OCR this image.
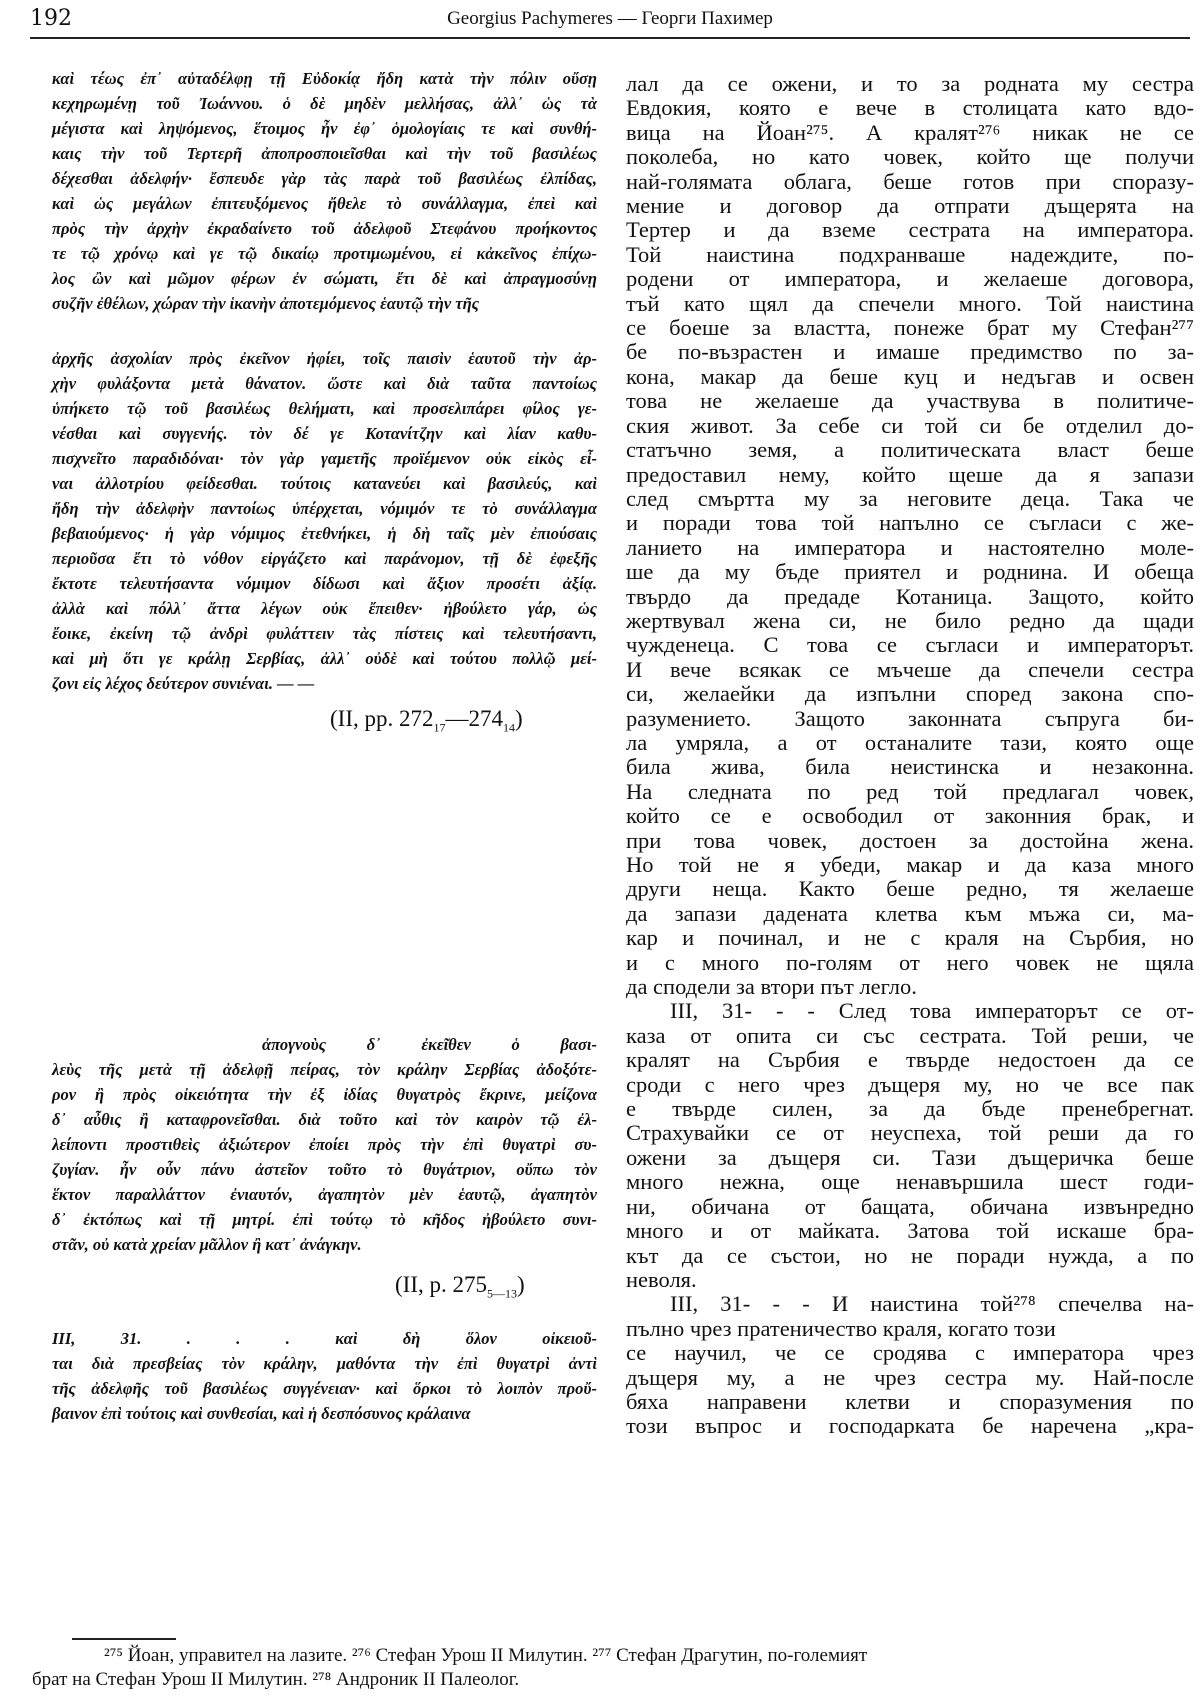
192	Georgius Pachymeres — Георги Пахимер
καὶ τέως ἐπ᾽ αὐταδέλφῃ τῇ Εὐδοκίᾳ ἤδη κατὰ τὴν πόλιν οὔσῃ
κεχηρωμένῃ τοῦ Ἰωάννου. ὁ δὲ μηδὲν μελλήσας, ἀλλ᾽ ὡς τὰ
μέγιστα καὶ ληψόμενος, ἕτοιμος ἦν ἐφ᾽ ὁμολογίαις τε καὶ συνθή-
καις τὴν τοῦ Τερτερῆ ἀποπροσποιεῖσθαι καὶ τὴν τοῦ βασιλέως
δέχεσθαι ἀδελφήν· ἔσπευδε γὰρ τὰς παρὰ τοῦ βασιλέως ἐλπίδας,
καὶ ὡς μεγάλων ἐπιτευξόμενος ἤθελε τὸ συνάλλαγμα, ἐπεὶ καὶ
πρὸς τὴν ἀρχὴν ἐκραδαίνετο τοῦ ἀδελφοῦ Στεφάνου προήκοντος
τε τῷ χρόνῳ καὶ γε τῷ δικαίῳ προτιμωμένου, εἰ κἀκεῖνος ἐπίχω-
λος ὢν καὶ μῶμον φέρων ἐν σώματι, ἔτι δὲ καὶ ἀπραγμοσύνῃ
συζῆν ἐθέλων, χώραν τὴν ἱκανὴν ἀποτεμόμενος ἑαυτῷ τὴν τῆς
ἀρχῆς ἀσχολίαν πρὸς ἐκεῖνον ἠφίει, τοῖς παισὶν ἑαυτοῦ τὴν ἀρ-
χὴν φυλάξοντα μετὰ θάνατον. ὥστε καὶ διὰ ταῦτα παντοίως
ὑπήκετο τῷ τοῦ βασιλέως θελήματι, καὶ προσελιπάρει φίλος γε-
νέσθαι καὶ συγγενής. τὸν δέ γε Κοτανίτζην καὶ λίαν καθυ-
πισχνεῖτο παραδιδόναι· τὸν γὰρ γαμετῆς προϊέμενον οὐκ εἰκὸς εἶ-
ναι ἀλλοτρίου φείδεσθαι. τούτοις κατανεύει καὶ βασιλεύς, καὶ
ἤδη τὴν ἀδελφὴν παντοίως ὑπέρχεται, νόμιμόν τε τὸ συνάλλαγμα
βεβαιούμενος· ἡ γὰρ νόμιμος ἐτεθνήκει, ἡ δὴ ταῖς μὲν ἐπιούσαις
περιοῦσα ἔτι τὸ νόθον εἰργάζετο καὶ παράνομον, τῇ δὲ ἐφεξῆς
ἔκτοτε τελευτήσαντα νόμιμον δίδωσι καὶ ἄξιον προσέτι ἀξίᾳ.
ἀλλὰ καὶ πόλλ᾽ ἄττα λέγων οὐκ ἔπειθεν· ἠβούλετο γάρ, ὡς
ἔοικε, ἐκείνη τῷ ἀνδρὶ φυλάττειν τὰς πίστεις καὶ τελευτήσαντι,
καὶ μὴ ὅτι γε κράλῃ Σερβίας, ἀλλ᾽ οὐδὲ καὶ τούτου πολλῷ μεί-
ζονι εἰς λέχος δεύτερον συνιέναι. — —
(II, pp. $272_{17}—274_{14}$)
ἀπογνοὺς δ᾽ ἐκεῖθεν ὁ βασι-
λεὺς τῆς μετὰ τῇ ἀδελφῇ πείρας, τὸν κράλην Σερβίας ἀδοξότε-
ρον ἢ πρὸς οἰκειότητα τὴν ἐξ ἰδίας θυγατρὸς ἔκρινε, μείζονα
δ᾽ αὖθις ἢ καταφρονεῖσθαι. διὰ τοῦτο καὶ τὸν καιρὸν τῷ ἐλ-
λείποντι προστιθεὶς ἀξιώτερον ἐποίει πρὸς τὴν ἐπὶ θυγατρὶ συ-
ζυγίαν. ἦν οὖν πάνυ ἀστεῖον τοῦτο τὸ θυγάτριον, οὔπω τὸν
ἕκτον παραλλάττον ἐνιαυτόν, ἀγαπητὸν μὲν ἑαυτῷ, ἀγαπητὸν
δ᾽ ἐκτόπως καὶ τῇ μητρί. ἐπὶ τούτῳ τὸ κῆδος ἠβούλετο συνι-
στᾶν, οὐ κατὰ χρείαν μᾶλλον ἢ κατ᾽ ἀνάγκην.
(II, p. $275_{5—13}$)
III, 31. . . . καὶ δὴ ὅλον οἰκειοῦ-
ται διὰ πρεσβείας τὸν κράλην, μαθόντα τὴν ἐπὶ θυγατρὶ ἀντὶ
τῆς ἀδελφῆς τοῦ βασιλέως συγγένειαν· καὶ ὅρκοι τὸ λοιπὸν προὔ-
βαινον ἐπὶ τούτοις καὶ συνθεσίαι, καὶ ἡ δεσπόσυνος κράλαινα
лал да се ожени, и то за родната му сестра
Евдокия, която е вече в столицата като вдо-
вица на Йоан²⁷⁵. А кралят²⁷⁶ никак не се
поколеба, но като човек, който ще получи
най-голямата облага, беше готов при споразу-
мение и договор да отпрати дъщерята на
Тертер и да вземе сестрата на императора.
Той наистина подхранваше надеждите, по-
родени от императора, и желаеше договора,
тъй като щял да спечели много. Той наистина
се боеше за властта, понеже брат му Стефан²⁷⁷
бе по-възрастен и имаше предимство по за-
кона, макар да беше куц и недъгав и освен
това не желаеше да участвува в политиче-
ския живот. За себе си той си бе отделил до-
статъчно земя, а политическата власт беше
предоставил нему, който щеше да я запази
след смъртта му за неговите деца. Така че
и поради това той напълно се съгласи с же-
ланието на императора и настоятелно моле-
ше да му бъде приятел и роднина. И обеща
твърдо да предаде Котаница. Защото, който
жертвувал жена си, не било редно да щади
чужденеца. С това се съгласи и императорът.
И вече всякак се мъчеше да спечели сестра
си, желаейки да изпълни според закона спо-
разумението. Защото законната съпруга би-
ла умряла, а от останалите тази, която още
била жива, била неистинска и незаконна.
На следната по ред той предлагал човек,
който се е освободил от законния брак, и
при това човек, достоен за достойна жена.
Но той не я убеди, макар и да каза много
други неща. Както беше редно, тя желаеше
да запази дадената клетва към мъжа си, ма-
кар и починал, и не с краля на Сърбия, но
и с много по-голям от него човек не щяла
да сподели за втори път легло.
III, 31- - - След това императорът се от-
каза от опита си със сестрата. Той реши, че
кралят на Сърбия е твърде недостоен да се
сроди с него чрез дъщеря му, но че все пак
е твърде силен, за да бъде пренебрегнат.
Страхувайки се от неуспеха, той реши да го
ожени за дъщеря си. Тази дъщеричка беше
много нежна, още ненавършила шест годи-
ни, обичана от бащата, обичана извънредно
много и от майката. Затова той искаше бра-
кът да се състои, но не поради нужда, а по
неволя.
III, 31- - - И наистина той²⁷⁸ спечелва на-
пълно чрез пратеничество краля, когато този
се научил, че се сродява с императора чрез
дъщеря му, а не чрез сестра му. Най-после
бяха направени клетви и споразумения по
този въпрос и господарката бе наречена „кра-
²⁷⁵ Йоан, управител на лазите. ²⁷⁶ Стефан Урош II Милутин. ²⁷⁷ Стефан Драгутин, по-големият
брат на Стефан Урош II Милутин. ²⁷⁸ Андроник II Палеолог.
